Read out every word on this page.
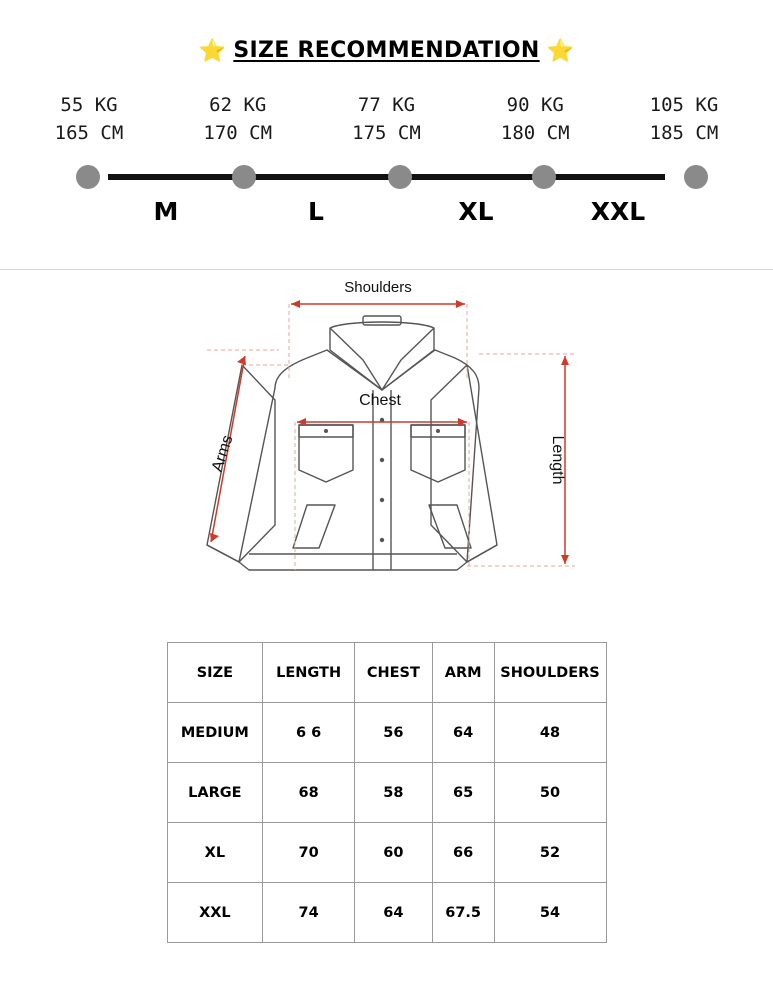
⭐ SIZE RECOMMENDATION ⭐
55 KG
165 CM
62 KG
170 CM
77 KG
175 CM
90 KG
180 CM
105 KG
185 CM
M	L	XL	XXL
Shoulders
Chest
Arms	Length
SIZE	LENGTH	CHEST	ARM	SHOULDERS
MEDIUM	6 6	56	64	48
LARGE	68	58	65	50
XL	70	60	66	52
XXL	74	64	67.5	54
